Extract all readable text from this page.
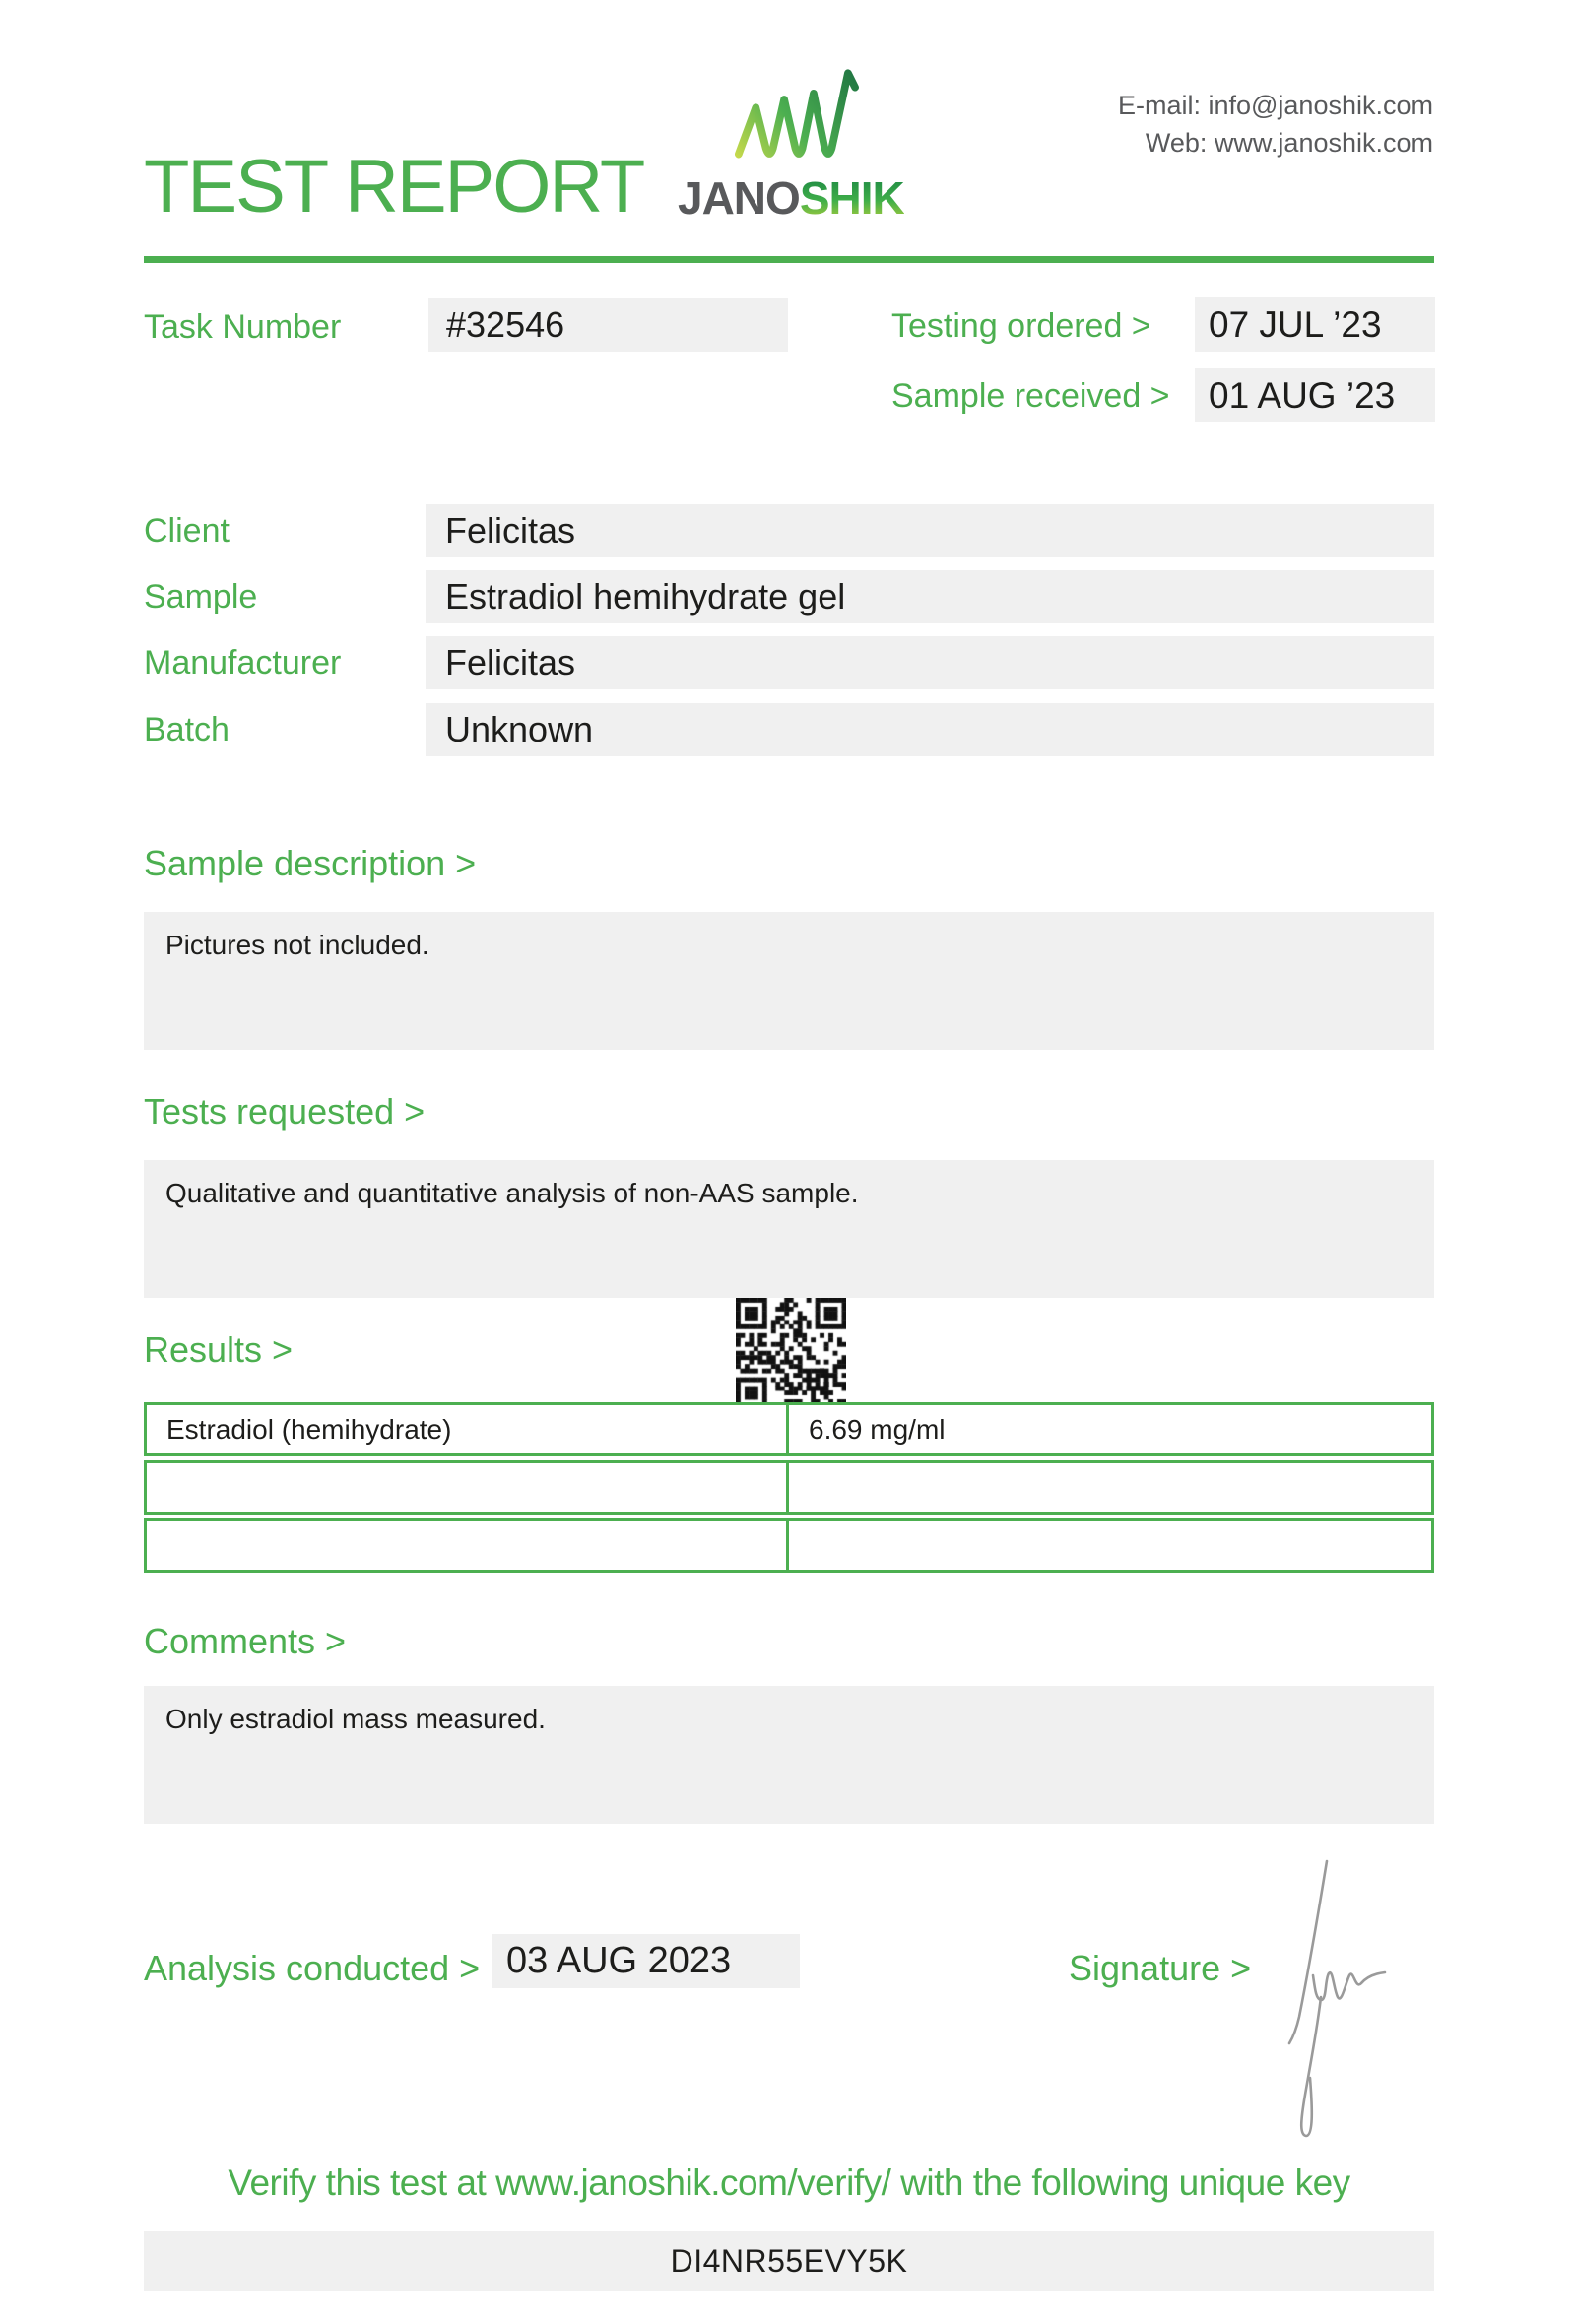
TEST REPORT JANOSHIK
E-mail: info@janoshik.com
Web: www.janoshik.com
Task Number	#32546	Testing ordered >	07 JUL ’23
Sample received >	01 AUG ’23
Client	Felicitas
Sample	Estradiol hemihydrate gel
Manufacturer	Felicitas
Batch	Unknown
Sample description >
Pictures not included.
Tests requested >
Qualitative and quantitative analysis of non-AAS sample.
Results >
Estradiol (hemihydrate)	6.69 mg/ml
Comments >
Only estradiol mass measured.
Analysis conducted > 03 AUG 2023	Signature >
Verify this test at www.janoshik.com/verify/ with the following unique key
DI4NR55EVY5K
